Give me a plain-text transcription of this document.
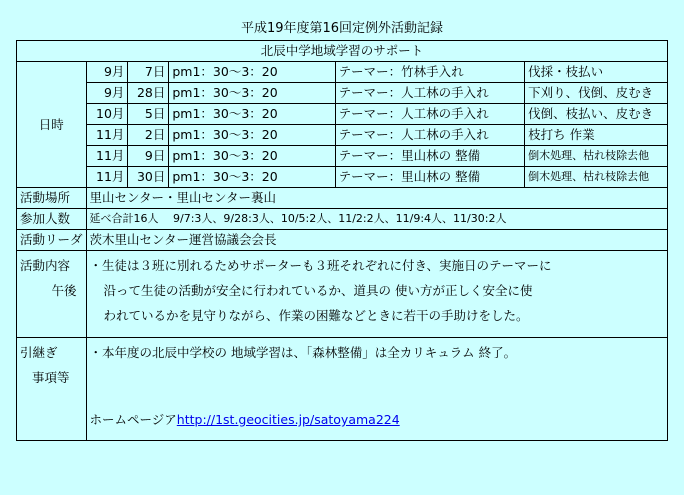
平成19年度第16回定例外活動記録
北辰中学地域学習のサポート					
日時	9月	7日	pm1：30～3：20	テーマー：竹林手入れ	伐採・枝払い
	9月	28日	pm1：30～3：20	テーマー：人工林の手入れ	下刈り、伐倒、皮むき
	10月	5日	pm1：30～3：20	テーマー：人工林の手入れ	伐倒、枝払い、皮むき
	11月	2日	pm1：30～3：20	テーマー：人工林の手入れ	枝打ち 作業
	11月	9日	pm1：30～3：20	テーマー：里山林の 整備	倒木処理、枯れ枝除去他
	11月	30日	pm1：30～3：20	テーマー：里山林の 整備	倒木処理、枯れ枝除去他
活動場所	里山センター・里山センター裏山				
参加人数	延べ合計16人　 9/7:3人、9/28:3人、10/5:2人、11/2:2人、11/9:4人、11/30:2人				
活動リーダ	茨木里山センター運営協議会会長				

活動内容
午後	・生徒は３班に別れるためサポーターも３班それぞれに付き、実施日のテーマーに
沿って生徒の活動が安全に行われているか、道具の 使い方が正しく安全に使
われているかを見守りながら、作業の困難などときに若干の手助けをした。				

引継ぎ
事項等	・本年度の北辰中学校の 地域学習は、「森林整備」は全カリキュラム 終了。
ホームページアhttp://1st.geocities.jp/satoyama224				
